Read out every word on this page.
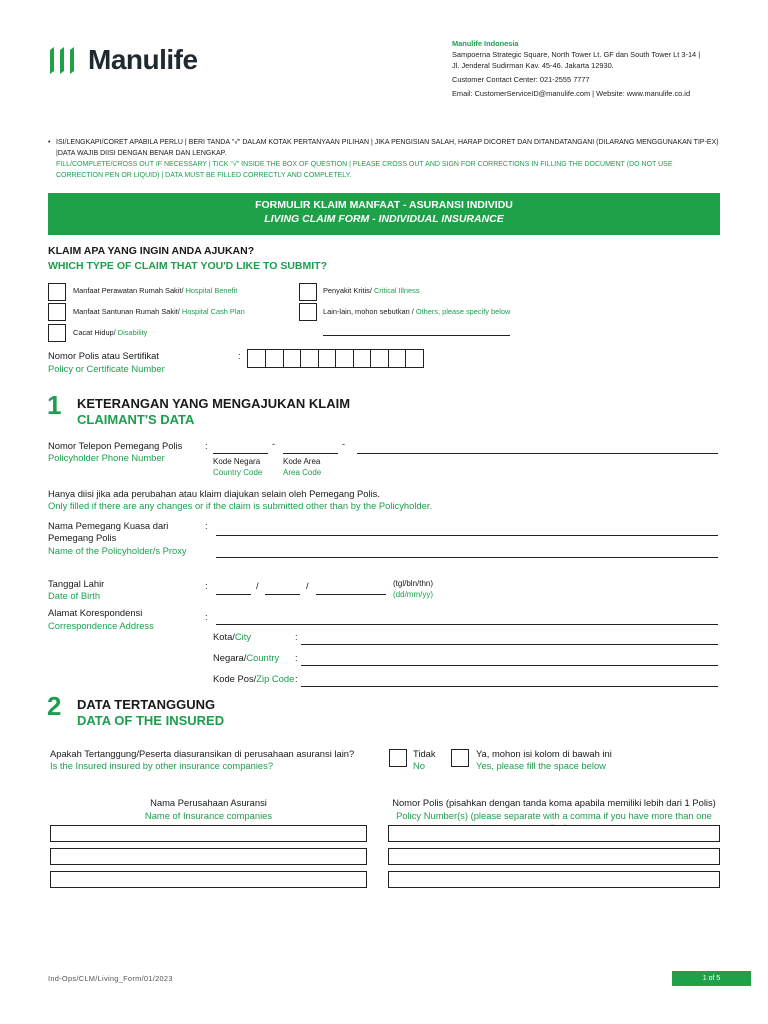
Manulife
Manulife Indonesia
Sampoerna Strategic Square, North Tower Lt. GF dan South Tower Lt 3-14 |
Jl. Jenderal Sudirman Kav. 45-46. Jakarta 12930.
Customer Contact Center: 021-2555 7777
Email: CustomerServiceID@manulife.com | Website: www.manulife.co.id
• ISI/LENGKAPI/CORET APABILA PERLU | BERI TANDA "√" DALAM KOTAK PERTANYAAN PILIHAN | JIKA PENGISIAN SALAH, HARAP DICORET DAN DITANDATANGANI (DILARANG MENGGUNAKAN TIP-EX) |DATA WAJIB DIISI DENGAN BENAR DAN LENGKAP.
FILL/COMPLETE/CROSS OUT IF NECESSARY | TICK "√" INSIDE THE BOX OF QUESTION | PLEASE CROSS OUT AND SIGN FOR CORRECTIONS IN FILLING THE DOCUMENT (DO NOT USE CORRECTION PEN OR LIQUID) | DATA MUST BE FILLED CORRECTLY AND COMPLETELY.
FORMULIR KLAIM MANFAAT - ASURANSI INDIVIDU
LIVING CLAIM FORM - INDIVIDUAL INSURANCE
KLAIM APA YANG INGIN ANDA AJUKAN?
WHICH TYPE OF CLAIM THAT YOU'D LIKE TO SUBMIT?
Manfaat Perawatan Rumah Sakit/ Hospital Benefit
Manfaat Santunan Rumah Sakit/ Hospital Cash Plan
Cacat Hidup/ Disability
Penyakit Kritis/ Critical Illness
Lain-lain, mohon sebutkan / Others, please specify below
Nomor Polis atau Sertifikat
Policy or Certificate Number
:
1 KETERANGAN YANG MENGAJUKAN KLAIM
CLAIMANT'S DATA
Nomor Telepon Pemegang Polis
Policyholder Phone Number
:	-	-
Kode Negara
Country Code
Kode Area
Area Code
Hanya diisi jika ada perubahan atau klaim diajukan selain oleh Pemegang Polis.
Only filled if there are any changes or if the claim is submitted other than by the Policyholder.
Nama Pemegang Kuasa dari
Pemegang Polis
Name of the Policyholder/s Proxy
:
Tanggal Lahir
Date of Birth
:	/	/	(tgl/bln/thn)
(dd/mm/yy)
Alamat Korespondensi
Correspondence Address
:
Kota/City	:
Negara/Country :
Kode Pos/Zip Code :
2 DATA TERTANGGUNG
DATA OF THE INSURED
Apakah Tertanggung/Peserta diasuransikan di perusahaan asuransi lain?
Is the Insured insured by other insurance companies?
Tidak
No
Ya, mohon isi kolom di bawah ini
Yes, please fill the space below
Nama Perusahaan Asuransi
Name of Insurance companies
Nomor Polis (pisahkan dengan tanda koma apabila memiliki lebih dari 1 Polis)
Policy Number(s) (please separate with a comma if you have more than one
Ind-Ops/CLM/Living_Form/01/2023	1 of 5
